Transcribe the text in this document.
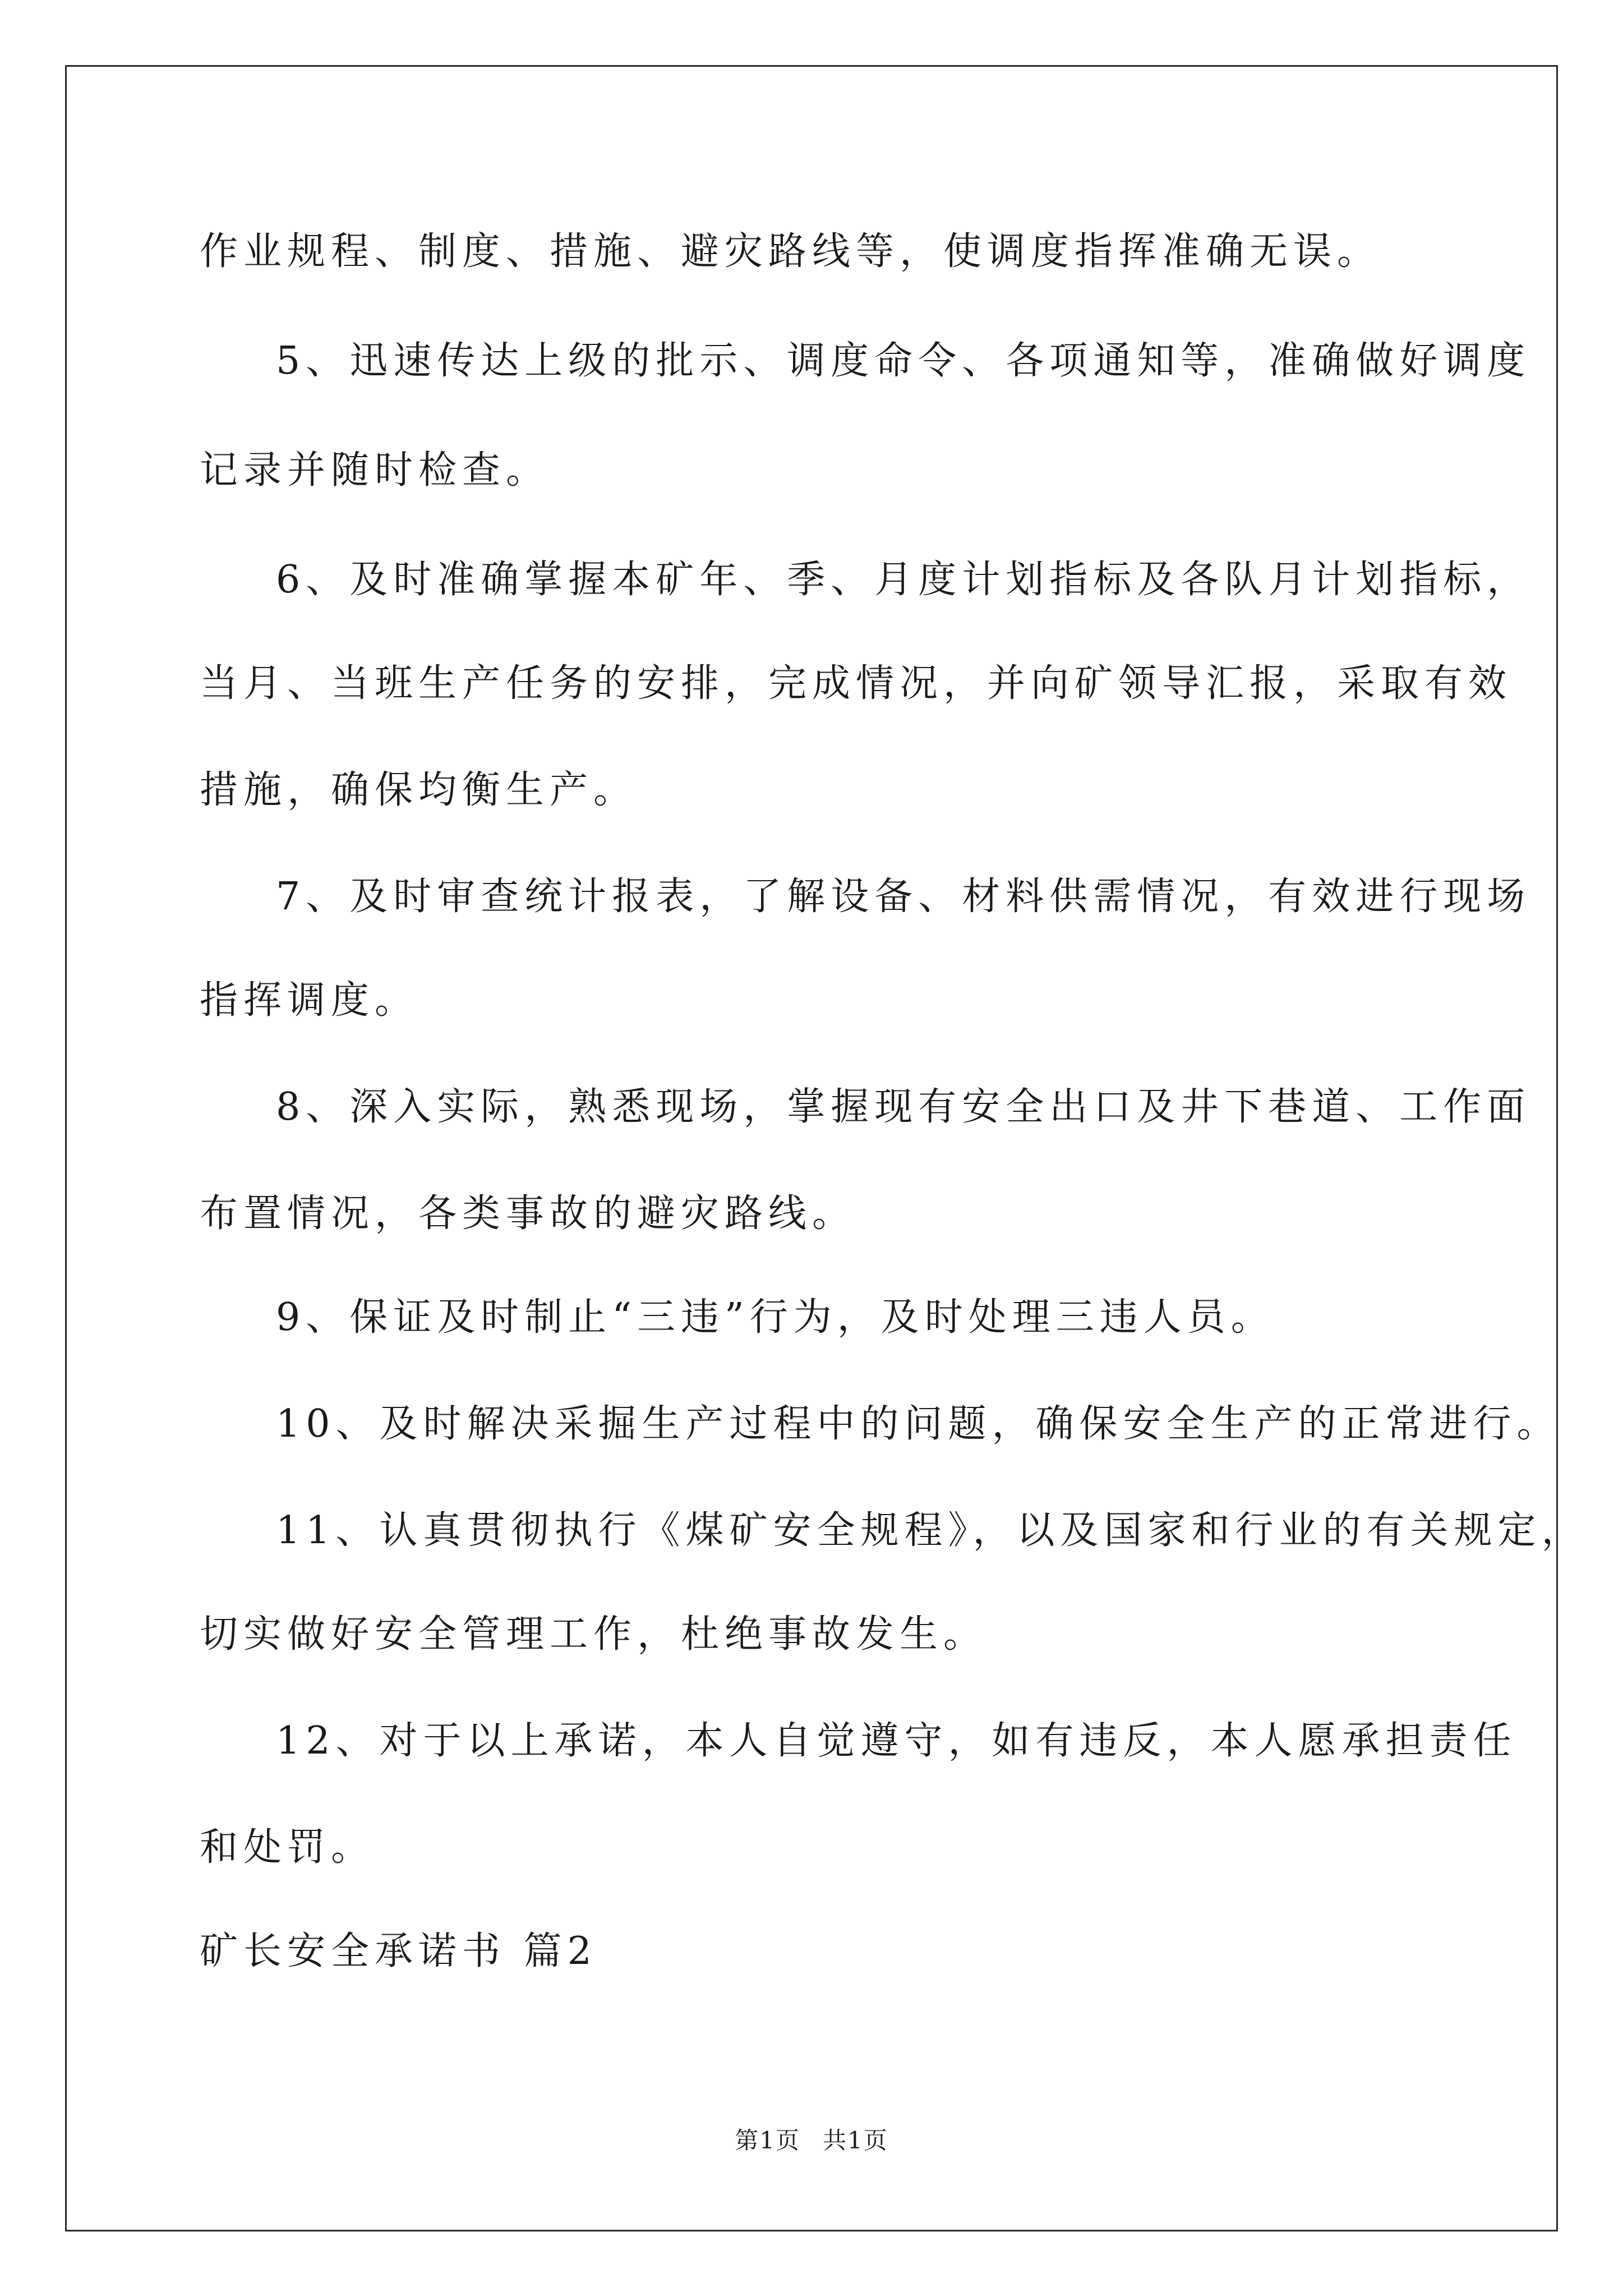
作业规程、制度、措施、避灾路线等，使调度指挥准确无误。
5、迅速传达上级的批示、调度命令、各项通知等，准确做好调度
记录并随时检查。
6、及时准确掌握本矿年、季、月度计划指标及各队月计划指标，
当月、当班生产任务的安排，完成情况，并向矿领导汇报，采取有效
措施，确保均衡生产。
7、及时审查统计报表，了解设备、材料供需情况，有效进行现场
指挥调度。
8、深入实际，熟悉现场，掌握现有安全出口及井下巷道、工作面
布置情况，各类事故的避灾路线。
9、保证及时制止“三违”行为，及时处理三违人员。
10、及时解决采掘生产过程中的问题，确保安全生产的正常进行。
11、认真贯彻执行《煤矿安全规程》，以及国家和行业的有关规定，
切实做好安全管理工作，杜绝事故发生。
12、对于以上承诺，本人自觉遵守，如有违反，本人愿承担责任
和处罚。
矿长安全承诺书 篇2
第1页 共1页
